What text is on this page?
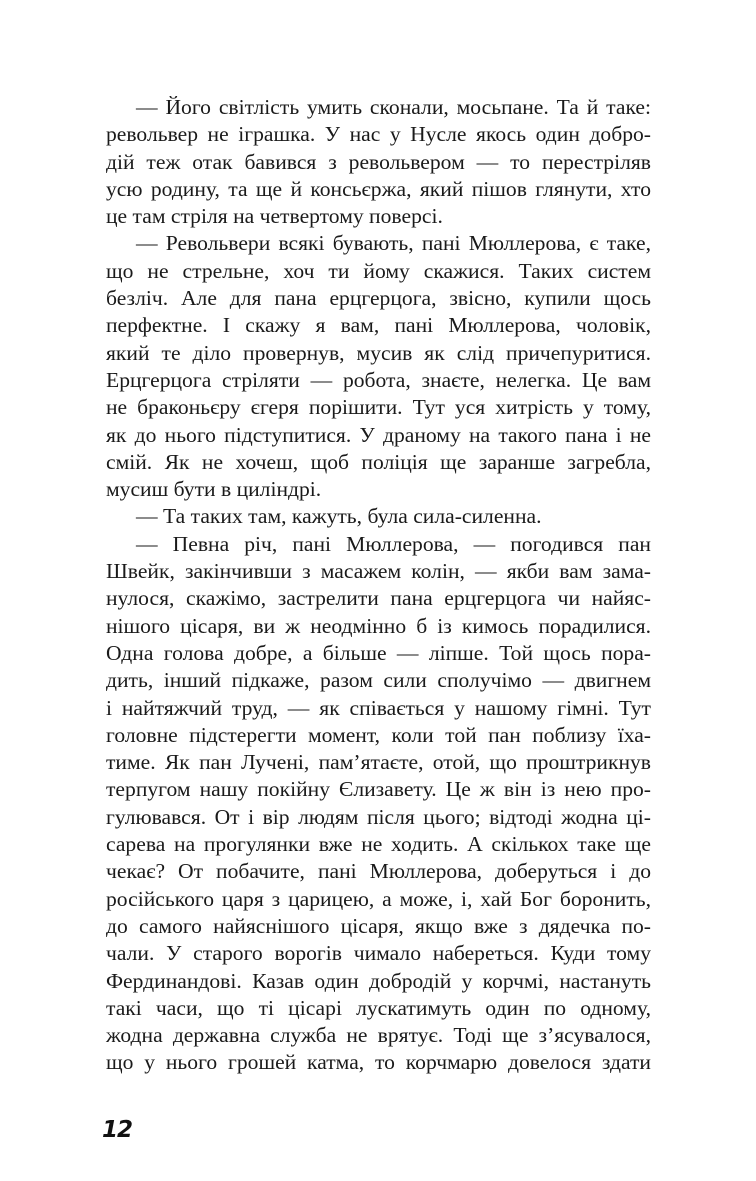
— Його світлість умить сконали, мосьпане. Та й таке:
револьвер не іграшка. У нас у Нусле якось один добро-
дій теж отак бавився з револьвером — то перестріляв
усю родину, та ще й консьєржа, який пішов глянути, хто
це там стріля на четвертому поверсі.
— Револьвери всякі бувають, пані Мюллерова, є таке,
що не стрельне, хоч ти йому скажися. Таких систем
безліч. Але для пана ерцгерцога, звісно, купили щось
перфектне. І скажу я вам, пані Мюллерова, чоловік,
який те діло провернув, мусив як слід причепуритися.
Ерцгерцога стріляти — робота, знаєте, нелегка. Це вам
не браконьєру єгеря порішити. Тут уся хитрість у тому,
як до нього підступитися. У драному на такого пана і не
смій. Як не хочеш, щоб поліція ще заранше загребла,
мусиш бути в циліндрі.
— Та таких там, кажуть, була сила-силенна.
— Певна річ, пані Мюллерова, — погодився пан
Швейк, закінчивши з масажем колін, — якби вам зама-
нулося, скажімо, застрелити пана ерцгерцога чи найяс-
нішого цісаря, ви ж неодмінно б із кимось порадилися.
Одна голова добре, а більше — ліпше. Той щось пора-
дить, інший підкаже, разом сили сполучімо — двигнем
і найтяжчий труд, — як співається у нашому гімні. Тут
головне підстерегти момент, коли той пан поблизу їха-
тиме. Як пан Лучені, пам’ятаєте, отой, що проштрикнув
терпугом нашу покійну Єлизавету. Це ж він із нею про-
гулювався. От і вір людям після цього; відтоді жодна ці-
сарева на прогулянки вже не ходить. А скількох таке ще
чекає? От побачите, пані Мюллерова, доберуться і до
російського царя з царицею, а може, і, хай Бог боронить,
до самого найяснішого цісаря, якщо вже з дядечка по-
чали. У старого ворогів чимало набереться. Куди тому
Фердинандові. Казав один добродій у корчмі, настануть
такі часи, що ті цісарі лускатимуть один по одному,
жодна державна служба не врятує. Тоді ще з’ясувалося,
що у нього грошей катма, то корчмарю довелося здати
12
